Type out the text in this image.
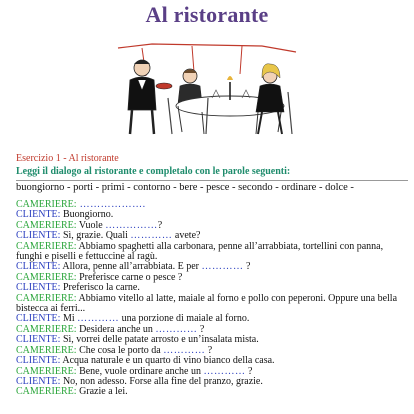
Al ristorante
Esercizio 1 - Al ristorante
Leggi il dialogo al ristorante e completalo con le parole seguenti:
buongiorno - porti - primi - contorno - bere - pesce - secondo - ordinare - dolce -

CAMERIERE: ……………….

CLIENTE: Buongiorno.

CAMERIERE: Vuole ……………?

CLIENTE: Sì, grazie. Quali ………… avete?

CAMERIERE: Abbiamo spaghetti alla carbonara, penne all’arrabbiata, tortellini con panna, funghi e piselli e fettuccine al ragù.

CLIENTE: Allora, penne all’arrabbiata. E per ………… ?

CAMERIERE: Preferisce carne o pesce ?

CLIENTE: Preferisco la carne.

CAMERIERE: Abbiamo vitello al latte, maiale al forno e pollo con peperoni. Oppure una bella bistecca ai ferri...

CLIENTE: Mi ………… una porzione di maiale al forno.

CAMERIERE: Desidera anche un ………… ?

CLIENTE: Sì, vorrei delle patate arrosto e un’insalata mista.

CAMERIERE: Che cosa le porto da ………… ?

CLIENTE: Acqua naturale e un quarto di vino bianco della casa.

CAMERIERE: Bene, vuole ordinare anche un ………… ?

CLIENTE: No, non adesso. Forse alla fine del pranzo, grazie.

CAMERIERE: Grazie a lei.
